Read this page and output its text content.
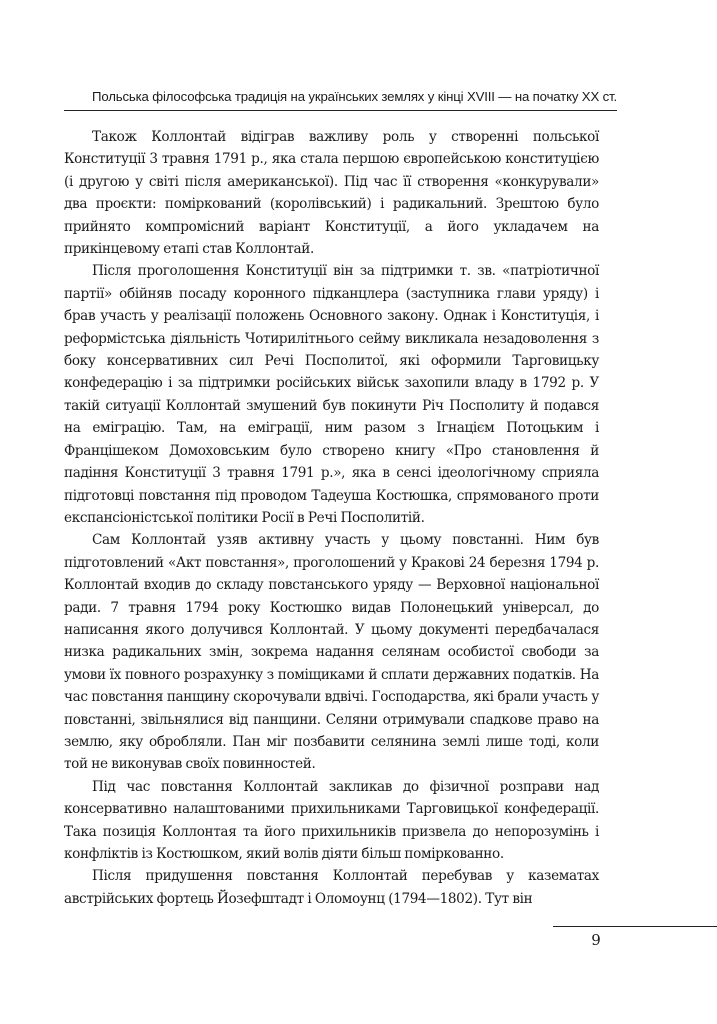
Польська філософська традиція на українських землях у кінці XVIII — на початку XX ст.

Також Коллонтай відіграв важливу роль у створенні польської Конституції 3 травня 1791 р., яка стала першою європейською конституцією (і другою у світі після американської). Під час її створення «конкурували» два проєкти: поміркований (королівський) і радикальний. Зрештою було прийнято компромісний варіант Конституції, а його укладачем на прикінцевому етапі став Коллонтай.

Після проголошення Конституції він за підтримки т. зв. «патріотичної партії» обійняв посаду коронного підканцлера (заступника глави уряду) і брав участь у реалізації положень Основного закону. Однак і Конституція, і реформістська діяльність Чотирилітнього сейму викликала незадоволення з боку консервативних сил Речі Посполитої, які оформили Тарговицьку конфедерацію і за підтримки російських військ захопили владу в 1792 р. У такій ситуації Коллонтай змушений був покинути Річ Посполиту й подався на еміграцію. Там, на еміграції, ним разом з Ігнацієм Потоцьким і Францішеком Домоховським було створено книгу «Про становлення й падіння Конституції 3 травня 1791 р.», яка в сенсі ідеологічному сприяла підготовці повстання під проводом Тадеуша Костюшка, спрямованого проти експансіоністської політики Росії в Речі Посполитій.

Сам Коллонтай узяв активну участь у цьому повстанні. Ним був підготовлений «Акт повстання», проголошений у Кракові 24 березня 1794 р. Коллонтай входив до складу повстанського уряду — Верховної національної ради. 7 травня 1794 року Костюшко видав Полонецький універсал, до написання якого долучився Коллонтай. У цьому документі передбачалася низка радикальних змін, зокрема надання селянам особистої свободи за умови їх повного розрахунку з поміщиками й сплати державних податків. На час повстання панщину скорочували вдвічі. Господарства, які брали участь у повстанні, звільнялися від панщини. Селяни отримували спадкове право на землю, яку обробляли. Пан міг позбавити селянина землі лише тоді, коли той не виконував своїх повинностей.

Під час повстання Коллонтай закликав до фізичної розправи над консервативно налаштованими прихильниками Тарговицької конфедерації. Така позиція Коллонтая та його прихильників призвела до непорозумінь і конфліктів із Костюшком, який волів діяти більш поміркованно.

Після придушення повстання Коллонтай перебував у казематах австрійських фортець Йозефштадт і Оломоунц (1794—1802). Тут він

9
